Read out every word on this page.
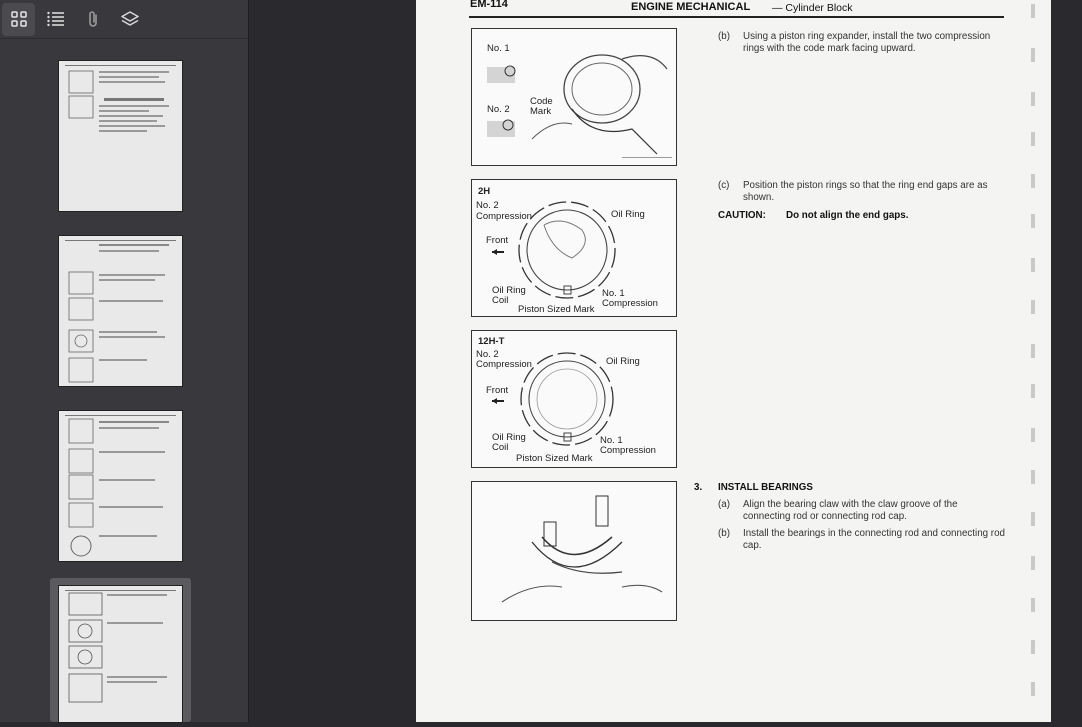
EM-114	ENGINE MECHANICAL — Cylinder Block
No. 1
No. 2
Code
Mark
(b) Using a piston ring expander, install the two compression rings with the code mark facing upward.
2H
No. 2
Compression	Oil Ring
Front
Oil Ring
Coil
No. 1
Compression
Piston Sized Mark
(c) Position the piston rings so that the ring end gaps are as shown.
CAUTION: Do not align the end gaps.
12H-T
No. 2
Compression	Oil Ring
Front
Oil Ring
Coil
No. 1
Compression
Piston Sized Mark
3. INSTALL BEARINGS
(a) Align the bearing claw with the claw groove of the connecting rod or connecting rod cap.
(b) Install the bearings in the connecting rod and connecting rod cap.
